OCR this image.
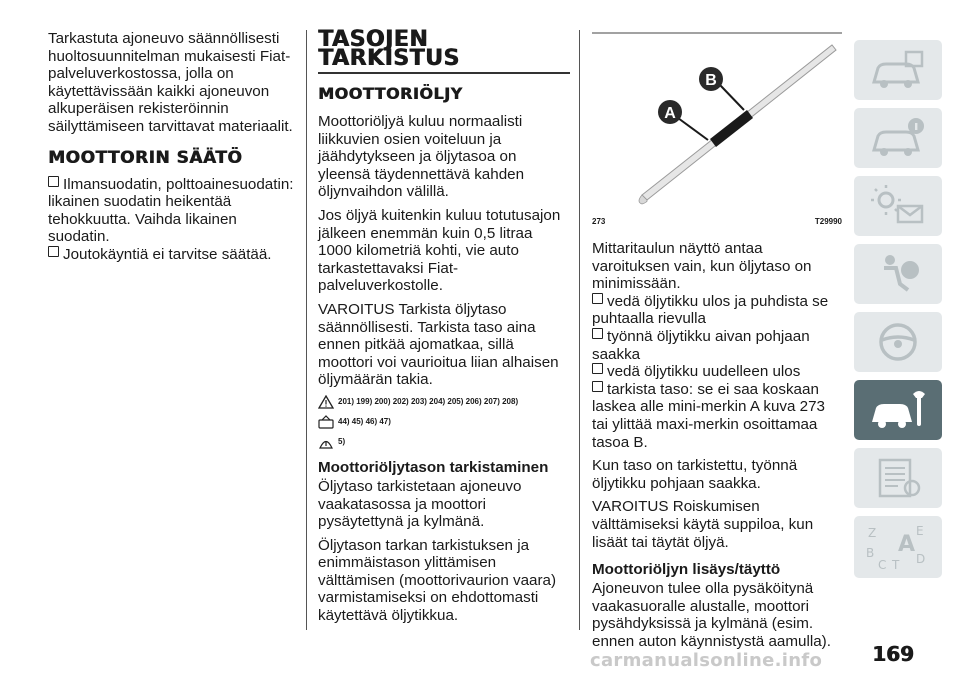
Tarkastuta ajoneuvo säännöllisesti huoltosuunnitelman mukaisesti Fiat-palveluverkostossa, jolla on käytettävissään kaikki ajoneuvon alkuperäisen rekisteröinnin säilyttämiseen tarvittavat materiaalit.

MOOTTORIN SÄÄTÖ

Ilmansuodatin, polttoainesuodatin: likainen suodatin heikentää tehokkuutta. Vaihda likainen suodatin.

Joutokäyntiä ei tarvitse säätää.

TASOJEN
TARKISTUS
MOOTTORIÖLJY

Moottoriöljyä kuluu normaalisti liikkuvien osien voiteluun ja jäähdytykseen ja öljytasoa on yleensä täydennettävä kahden öljynvaihdon välillä.

Jos öljyä kuitenkin kuluu totutusajon jälkeen enemmän kuin 0,5 litraa 1000 kilometriä kohti, vie auto tarkastettavaksi Fiat-palveluverkostolle.

VAROITUS Tarkista öljytaso säännöllisesti. Tarkista taso aina ennen pitkää ajomatkaa, sillä moottori voi vaurioitua liian alhaisen öljymäärän takia.

201) 199) 200) 202) 203) 204) 205) 206) 207) 208)
44) 45) 46) 47)
5)
Moottoriöljytason tarkistaminen

Öljytaso tarkistetaan ajoneuvo vaakatasossa ja moottori pysäytettynä ja kylmänä.

Öljytason tarkan tarkistuksen ja enimmäistason ylittämisen välttämisen (moottorivaurion vaara) varmistamiseksi on ehdottomasti käytettävä öljytikkua.

B
A
273	T29990

Mittaritaulun näyttö antaa varoituksen vain, kun öljytaso on minimissään.

vedä öljytikku ulos ja puhdista se puhtaalla rievulla

työnnä öljytikku aivan pohjaan saakka

vedä öljytikku uudelleen ulos

tarkista taso: se ei saa koskaan laskea alle mini-merkin A kuva 273 tai ylittää maxi-merkin osoittamaa tasoa B.

Kun taso on tarkistettu, työnnä öljytikku pohjaan saakka.

VAROITUS Roiskumisen välttämiseksi käytä suppiloa, kun lisäät tai täytät öljyä.

Moottoriöljyn lisäys/täyttö

Ajoneuvon tulee olla pysäköitynä vaakasuoralle alustalle, moottori pysähdyksissä ja kylmänä (esim. ennen auton käynnistystä aamulla).

Z	E
A
B
C T D
169
carmanualsonline.info
